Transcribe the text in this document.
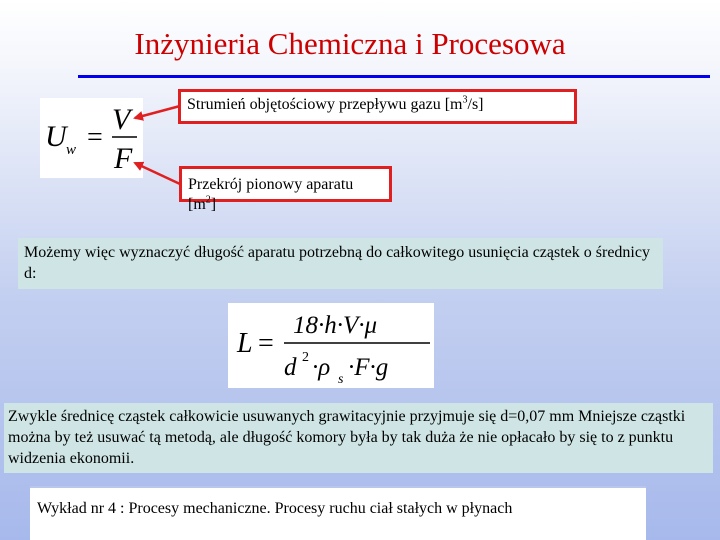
Inżynieria Chemiczna i Procesowa
U w =
V
F
Strumień objętościowy przepływu gazu $[m^3/s]$
Przekrój pionowy aparatu $[m^2]$
Możemy więc wyznaczyć długość aparatu potrzebną do całkowitego usunięcia cząstek o średnicy d:
L =
18·h·V·μ
d 2 ·ρ s ·F·g
Zwykle średnicę cząstek całkowicie usuwanych grawitacyjnie przyjmuje się d=0,07 mm Mniejsze cząstki można by też usuwać tą metodą, ale długość komory była by tak duża że nie opłacało by się to z punktu widzenia ekonomii.
Wykład nr 4 : Procesy mechaniczne. Procesy ruchu ciał stałych w płynach
